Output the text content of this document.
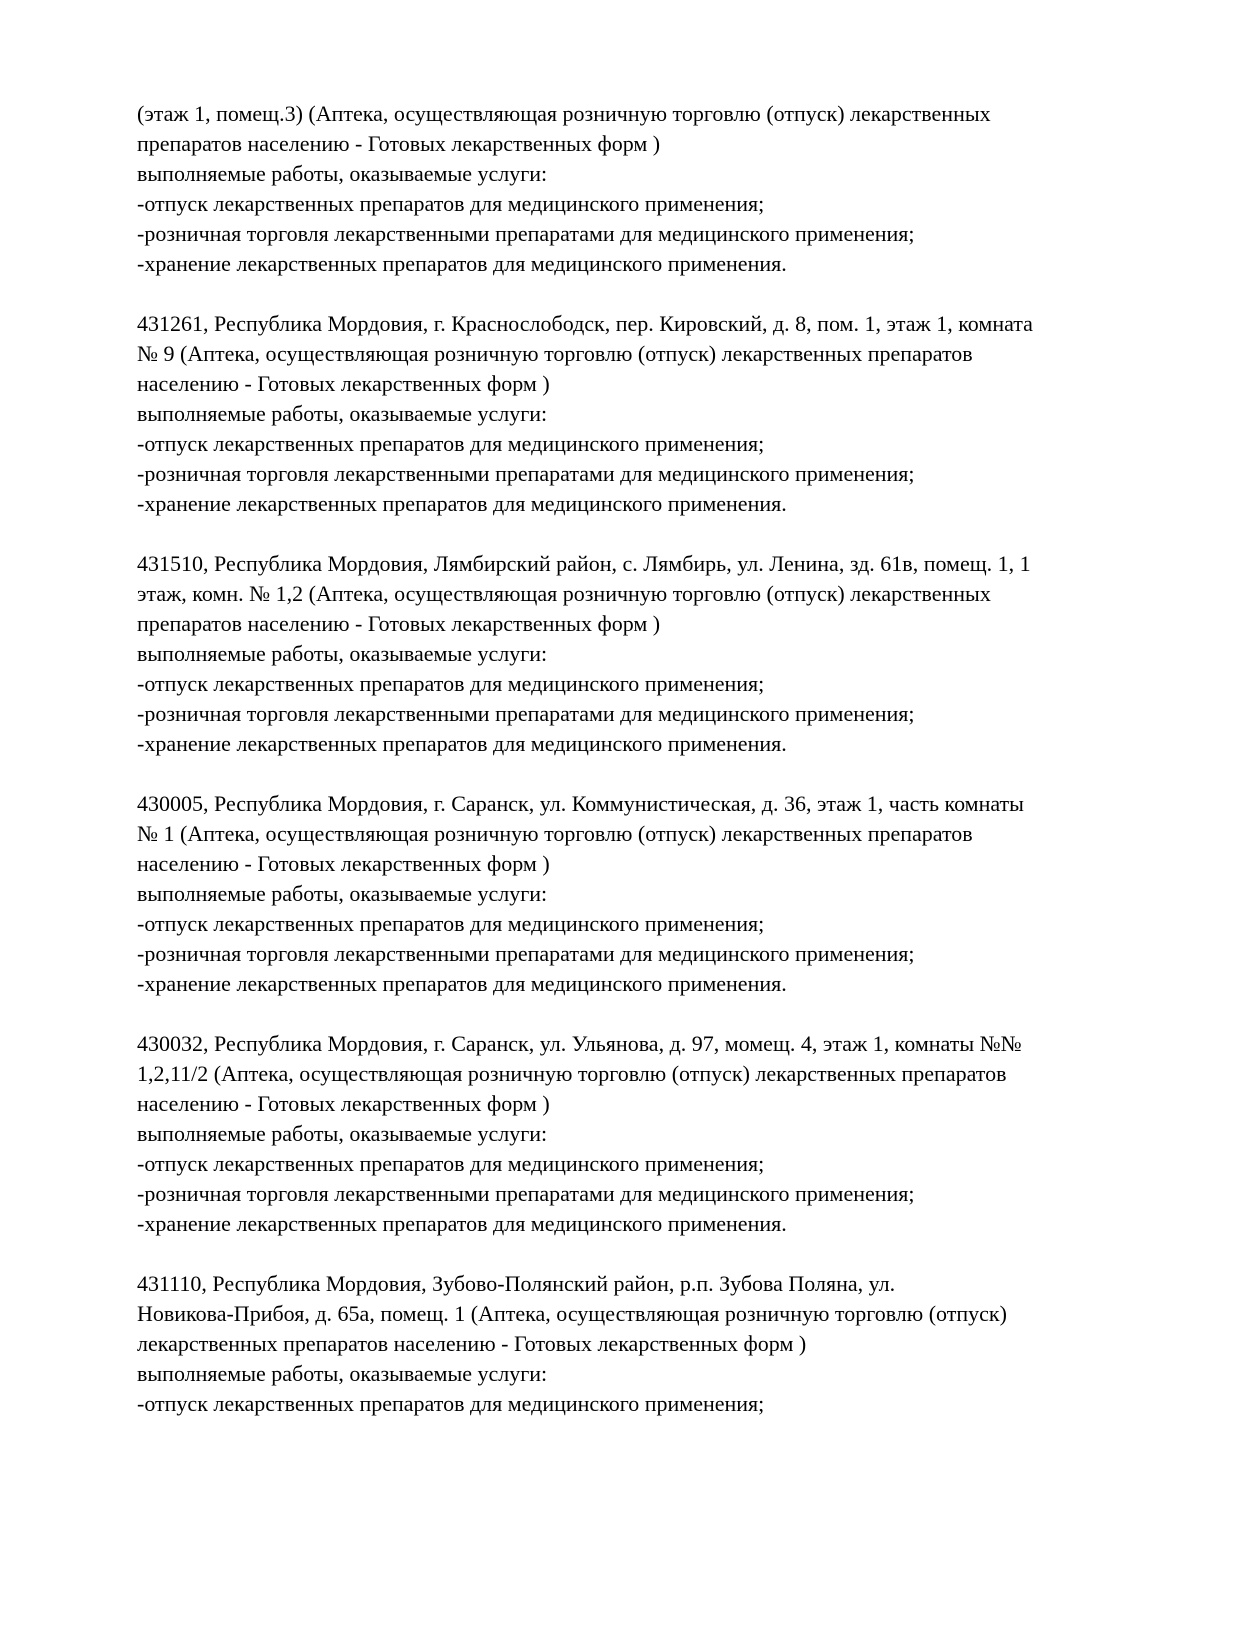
(этаж 1, помещ.3) (Аптека, осуществляющая розничную торговлю (отпуск) лекарственных
препаратов населению - Готовых лекарственных форм )
выполняемые работы, оказываемые услуги:
-отпуск лекарственных препаратов для медицинского применения;
-розничная торговля лекарственными препаратами для медицинского применения;
-хранение лекарственных препаратов для медицинского применения.
431261, Республика Мордовия, г. Краснослободск, пер. Кировский, д. 8, пом. 1, этаж 1, комната
№ 9 (Аптека, осуществляющая розничную торговлю (отпуск) лекарственных препаратов
населению - Готовых лекарственных форм )
выполняемые работы, оказываемые услуги:
-отпуск лекарственных препаратов для медицинского применения;
-розничная торговля лекарственными препаратами для медицинского применения;
-хранение лекарственных препаратов для медицинского применения.
431510, Республика Мордовия, Лямбирский район, с. Лямбирь, ул. Ленина, зд. 61в, помещ. 1, 1
этаж, комн. № 1,2 (Аптека, осуществляющая розничную торговлю (отпуск) лекарственных
препаратов населению - Готовых лекарственных форм )
выполняемые работы, оказываемые услуги:
-отпуск лекарственных препаратов для медицинского применения;
-розничная торговля лекарственными препаратами для медицинского применения;
-хранение лекарственных препаратов для медицинского применения.
430005, Республика Мордовия, г. Саранск, ул. Коммунистическая, д. 36, этаж 1, часть комнаты
№ 1 (Аптека, осуществляющая розничную торговлю (отпуск) лекарственных препаратов
населению - Готовых лекарственных форм )
выполняемые работы, оказываемые услуги:
-отпуск лекарственных препаратов для медицинского применения;
-розничная торговля лекарственными препаратами для медицинского применения;
-хранение лекарственных препаратов для медицинского применения.
430032, Республика Мордовия, г. Саранск, ул. Ульянова, д. 97, момещ. 4, этаж 1, комнаты №№
1,2,11/2 (Аптека, осуществляющая розничную торговлю (отпуск) лекарственных препаратов
населению - Готовых лекарственных форм )
выполняемые работы, оказываемые услуги:
-отпуск лекарственных препаратов для медицинского применения;
-розничная торговля лекарственными препаратами для медицинского применения;
-хранение лекарственных препаратов для медицинского применения.
431110, Республика Мордовия, Зубово-Полянский район, р.п. Зубова Поляна, ул.
Новикова-Прибоя, д. 65а, помещ. 1 (Аптека, осуществляющая розничную торговлю (отпуск)
лекарственных препаратов населению - Готовых лекарственных форм )
выполняемые работы, оказываемые услуги:
-отпуск лекарственных препаратов для медицинского применения;
